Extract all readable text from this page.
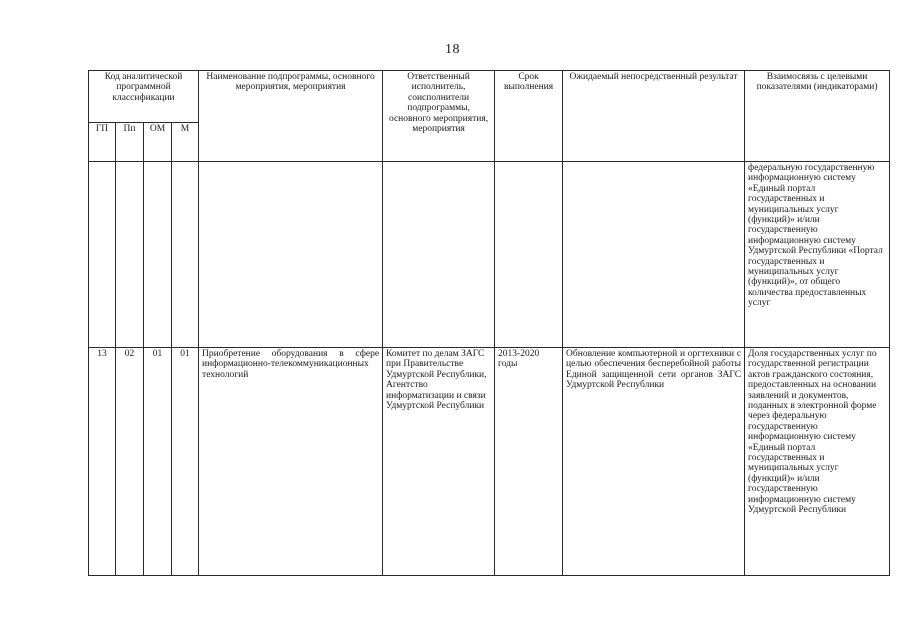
18
Код аналитической программной классификации				Наименование подпрограммы, основного мероприятия, мероприятия	Ответственный исполнитель, соисполнители подпрограммы, основного мероприятия, мероприятия	Срок выполнения	Ожидаемый непосредственный результат	Взаимосвязь с целевыми показателями (индикаторами)
ГП	Пп	ОМ	М					
								федеральную государственную информационную систему «Единый портал государственных и муниципальных услуг (функций)» и/или государственную информационную систему Удмуртской Республики «Портал государственных и муниципальных услуг (функций)», от общего количества предоставленных услуг
13	02	01	01	Приобретение оборудования в сфере информационно-телекоммуникационных технологий	Комитет по делам ЗАГС при Правительстве Удмуртской Республики, Агентство информатизации и связи Удмуртской Республики	2013-2020 годы	Обновление компьютерной и оргтехники с целью обеспечения бесперебойной работы Единой защищенной сети органов ЗАГС Удмуртской Республики	Доля государственных услуг по государственной регистрации актов гражданского состояния, предоставленных на основании заявлений и документов, поданных в электронной форме через федеральную государственную информационную систему «Единый портал государственных и муниципальных услуг (функций)» и/или государственную информационную систему Удмуртской Республики
